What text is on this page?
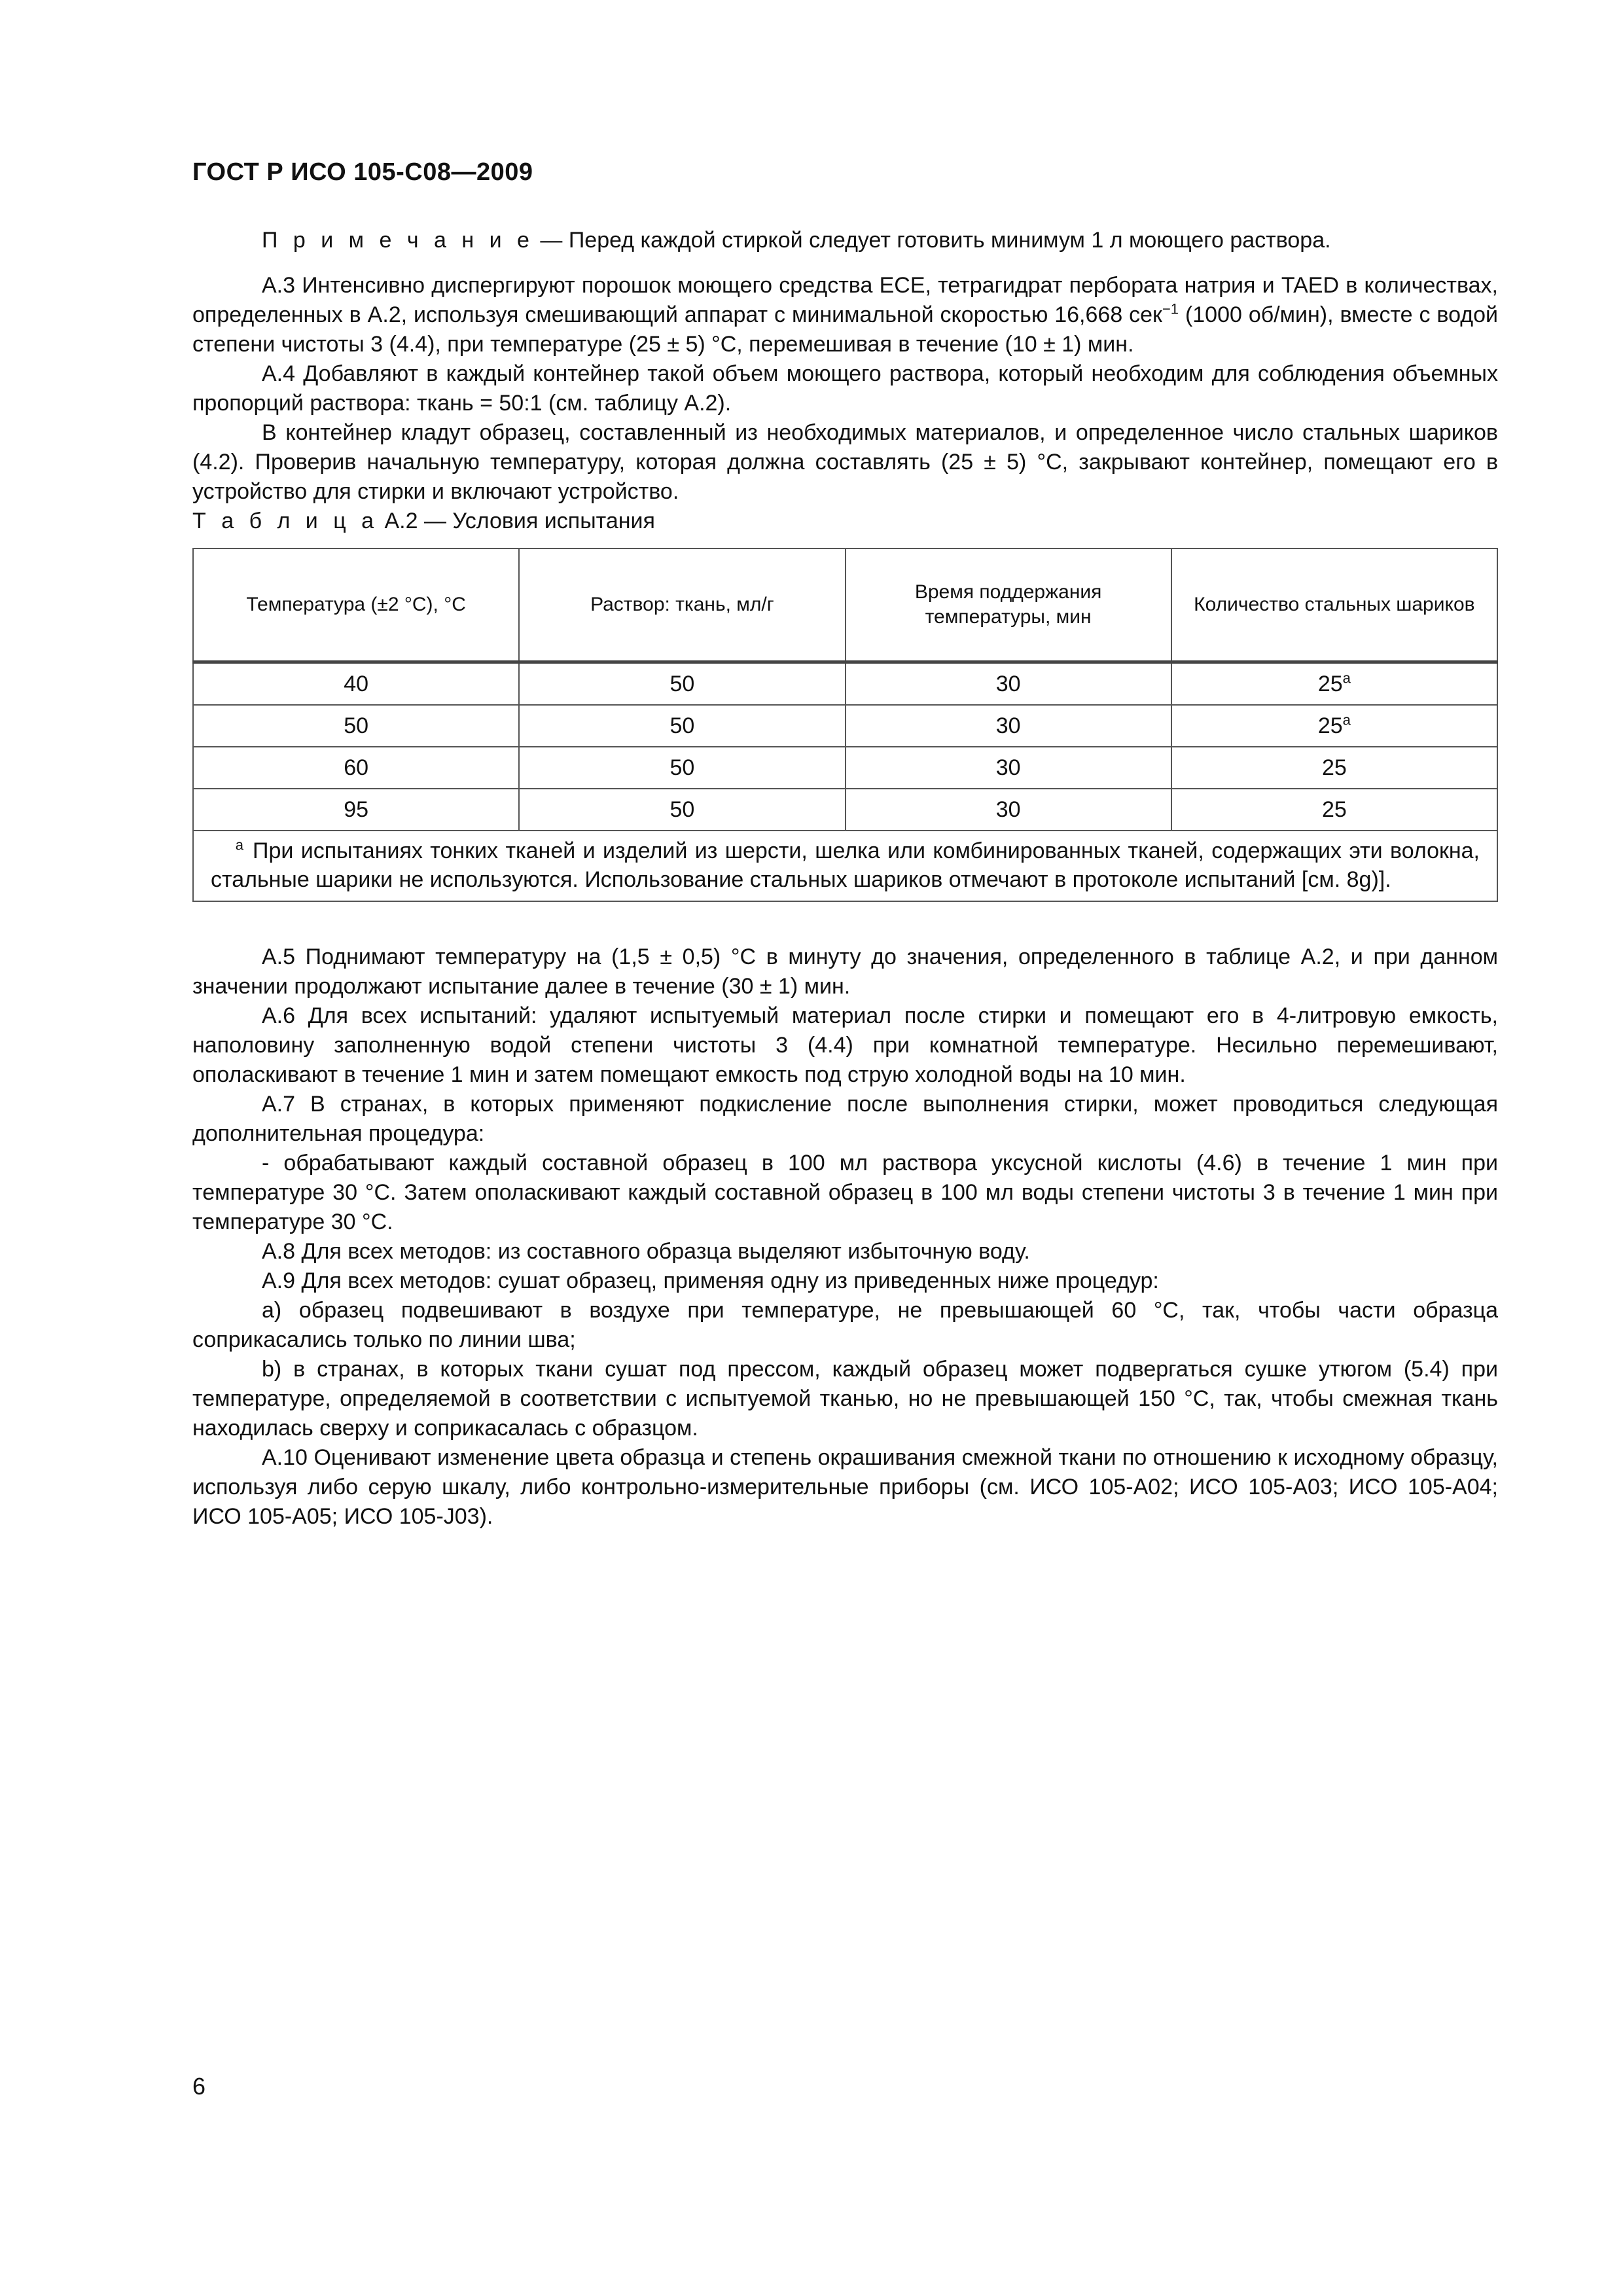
ГОСТ Р ИСО 105-С08—2009

П р и м е ч а н и е — Перед каждой стиркой следует готовить минимум 1 л моющего раствора.

А.3 Интенсивно диспергируют порошок моющего средства ЕСЕ, тетрагидрат пербората натрия и TAED в количествах, определенных в А.2, используя смешивающий аппарат с минимальной скоростью 16,668 сек$^{-1}$ (1000 об/мин), вместе с водой степени чистоты 3 (4.4), при температуре (25 ± 5) °С, перемешивая в течение (10 ± 1) мин.

А.4 Добавляют в каждый контейнер такой объем моющего раствора, который необходим для соблюдения объемных пропорций раствора: ткань = 50:1 (см. таблицу А.2).

В контейнер кладут образец, составленный из необходимых материалов, и определенное число стальных шариков (4.2). Проверив начальную температуру, которая должна составлять (25 ± 5) °С, закрывают контейнер, помещают его в устройство для стирки и включают устройство.

Т а б л и ц а А.2 — Условия испытания

Температура (±2 °С), °С	Раствор: ткань, мл/г	Время поддержания температуры, мин	Количество стальных шариков
40	50	30	25$^a$
50	50	30	25$^a$
60	50	30	25
95	50	30	25
$^a$ При испытаниях тонких тканей и изделий из шерсти, шелка или комбинированных тканей, содержащих эти волокна, стальные шарики не используются. Использование стальных шариков отмечают в протоколе испытаний [см. 8g)].			

А.5 Поднимают температуру на (1,5 ± 0,5) °С в минуту до значения, определенного в таблице А.2, и при данном значении продолжают испытание далее в течение (30 ± 1) мин.

А.6 Для всех испытаний: удаляют испытуемый материал после стирки и помещают его в 4-литровую емкость, наполовину заполненную водой степени чистоты 3 (4.4) при комнатной температуре. Несильно перемешивают, ополаскивают в течение 1 мин и затем помещают емкость под струю холодной воды на 10 мин.

А.7 В странах, в которых применяют подкисление после выполнения стирки, может проводиться следующая дополнительная процедура:

- обрабатывают каждый составной образец в 100 мл раствора уксусной кислоты (4.6) в течение 1 мин при температуре 30 °С. Затем ополаскивают каждый составной образец в 100 мл воды степени чистоты 3 в течение 1 мин при температуре 30 °С.

А.8 Для всех методов: из составного образца выделяют избыточную воду.

А.9 Для всех методов: сушат образец, применяя одну из приведенных ниже процедур:

a) образец подвешивают в воздухе при температуре, не превышающей 60 °С, так, чтобы части образца соприкасались только по линии шва;

b) в странах, в которых ткани сушат под прессом, каждый образец может подвергаться сушке утюгом (5.4) при температуре, определяемой в соответствии с испытуемой тканью, но не превышающей 150 °С, так, чтобы смежная ткань находилась сверху и соприкасалась с образцом.

А.10 Оценивают изменение цвета образца и степень окрашивания смежной ткани по отношению к исходному образцу, используя либо серую шкалу, либо контрольно-измерительные приборы (см. ИСО 105-А02; ИСО 105-А03; ИСО 105-А04; ИСО 105-А05; ИСО 105-J03).

6
